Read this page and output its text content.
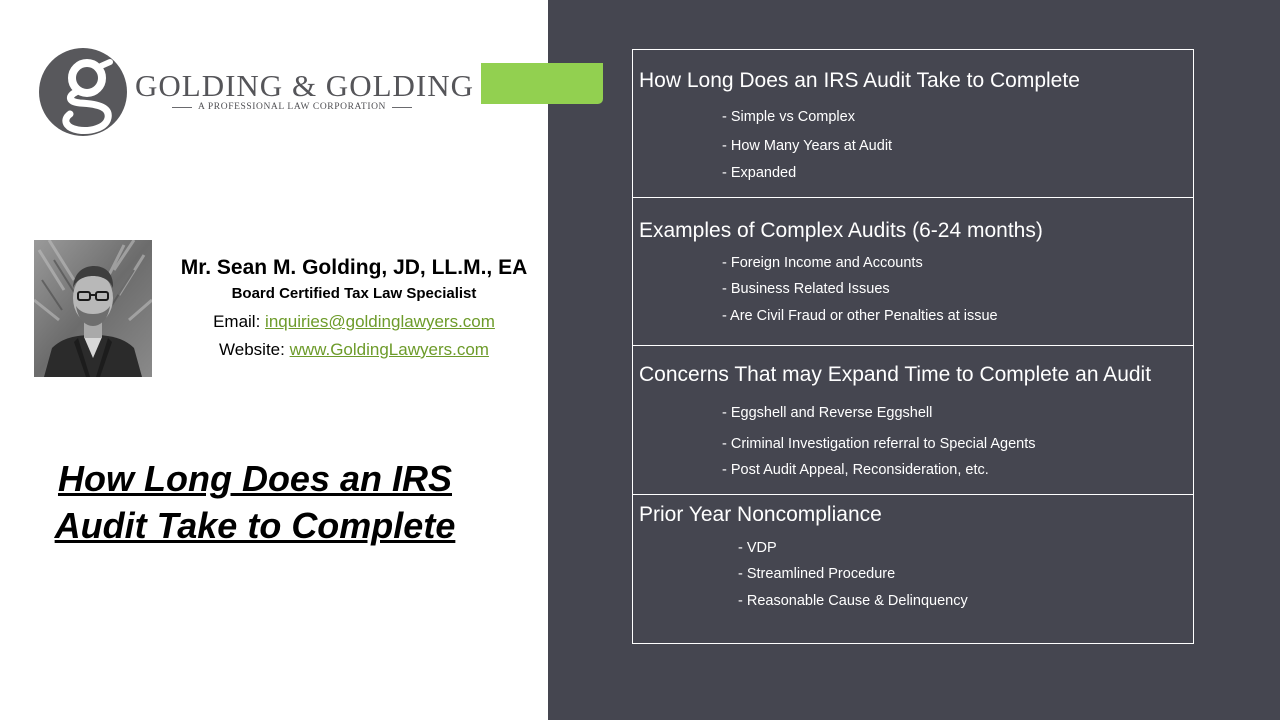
GOLDING & GOLDING
A PROFESSIONAL LAW CORPORATION
Mr. Sean M. Golding, JD, LL.M., EA
Board Certified Tax Law Specialist
Email: inquiries@goldinglawyers.com
Website: www.GoldingLawyers.com
How Long Does an IRS
Audit Take to Complete
How Long Does an IRS Audit Take to Complete
- Simple vs Complex
- How Many Years at Audit
- Expanded
Examples of Complex Audits (6-24 months)
- Foreign Income and Accounts
- Business Related Issues
- Are Civil Fraud or other Penalties at issue
Concerns That may Expand Time to Complete an Audit
- Eggshell and Reverse Eggshell
- Criminal Investigation referral to Special Agents
- Post Audit Appeal, Reconsideration, etc.
Prior Year Noncompliance
- VDP
- Streamlined Procedure
- Reasonable Cause & Delinquency
